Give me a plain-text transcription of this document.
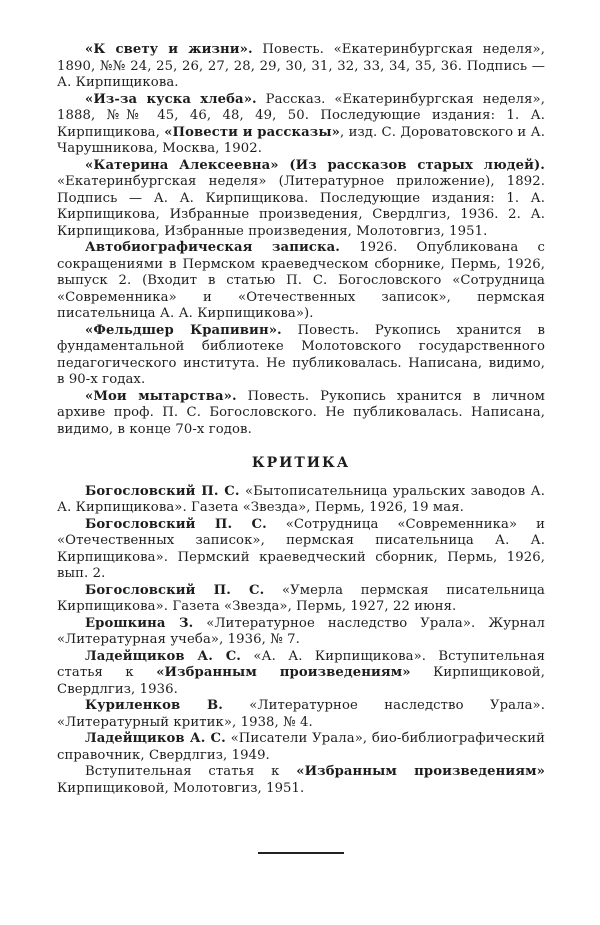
«К свету и жизни». Повесть. «Екатеринбургская неделя», 1890, №№ 24, 25, 26, 27, 28, 29, 30, 31, 32, 33, 34, 35, 36. Подпись — А. Кирпищикова.

«Из-за куска хлеба». Рассказ. «Екатеринбургская неделя», 1888, №№ 45, 46, 48, 49, 50. Последующие издания: 1. А. Кирпищикова, «Повести и рассказы», изд. С. Дороватовского и А. Чарушникова, Москва, 1902.

«Катерина Алексеевна» (Из рассказов старых людей). «Екатеринбургская неделя» (Литературное приложение), 1892. Подпись — А. А. Кирпищикова. Последующие издания: 1. А. Кирпищикова, Избранные произведения, Свердлгиз, 1936. 2. А. Кирпищикова, Избранные произведения, Молотовгиз, 1951.

Автобиографическая записка. 1926. Опубликована с сокращениями в Пермском краеведческом сборнике, Пермь, 1926, выпуск 2. (Входит в статью П. С. Богословского «Сотрудница «Современника» и «Отечественных записок», пермская писательница А. А. Кирпищикова»).

«Фельдшер Крапивин». Повесть. Рукопись хранится в фундаментальной библиотеке Молотовского государственного педагогического института. Не публиковалась. Написана, видимо, в 90-х годах.

«Мои мытарства». Повесть. Рукопись хранится в личном архиве проф. П. С. Богословского. Не публиковалась. Написана, видимо, в конце 70-х годов.

КРИТИКА

Богословский П. С. «Бытописательница уральских заводов А. А. Кирпищикова». Газета «Звезда», Пермь, 1926, 19 мая.

Богословский П. С. «Сотрудница «Современника» и «Отечественных записок», пермская писательница А. А. Кирпищикова». Пермский краеведческий сборник, Пермь, 1926, вып. 2.

Богословский П. С. «Умерла пермская писательница Кирпищикова». Газета «Звезда», Пермь, 1927, 22 июня.

Ерошкина З. «Литературное наследство Урала». Журнал «Литературная учеба», 1936, № 7.

Ладейщиков А. С. «А. А. Кирпищикова». Вступительная статья к «Избранным произведениям» Кирпищиковой, Свердлгиз, 1936.

Куриленков В. «Литературное наследство Урала». «Литературный критик», 1938, № 4.

Ладейщиков А. С. «Писатели Урала», био-библиографический справочник, Свердлгиз, 1949.

Вступительная статья к «Избранным произведениям» Кирпищиковой, Молотовгиз, 1951.
